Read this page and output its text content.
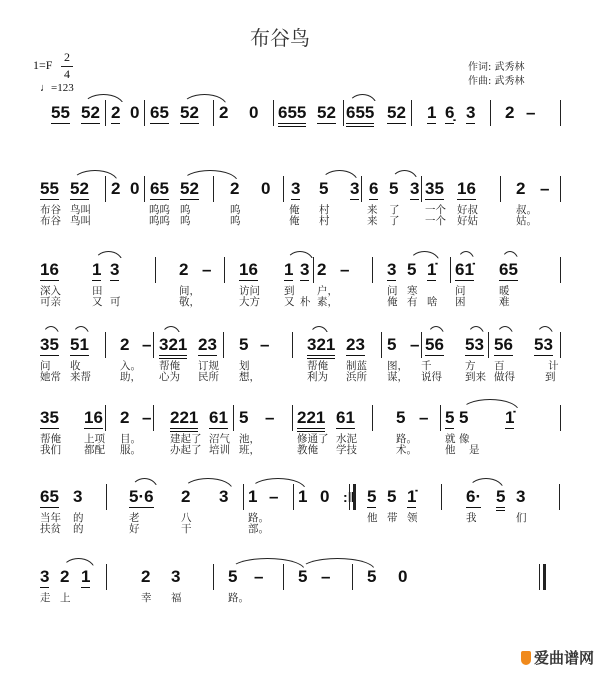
布谷鸟
1=F
2
4
♩=123
作词: 武秀林
作曲: 武秀林
55 52 2 0 65 52 2 0 655 52 655 52 1 6̣ 3 2 –
55 52 2 0 65 52 2 0 3 5 3 6 5 3 35 16 2 –
布谷 鸟叫	呜呜 呜	呜	俺 村	来 了 一个 好叔	叔。
布谷 鸟叫	呜呜 呜	呜	俺 村	来 了 一个 好姑	姑。
16 1 3	2 – 16 1 3 2 – 3 5 1̇ 61̇ 65
深入	田	间，	访问 到 户，	问 寒	问	暖
可亲	又 可	敬，	大方 又 朴 素，	俺 有 啥 困	难
35 51 2 – 321 23 5 – 321 23 5 – 56 53 56 53
问 收	入。 帮俺 订规 划	帮俺 制蓝 图， 千	方 百	计
她常 来帮	助， 心为 民所 想，	利为 浜所 谋， 说得 到来 做得	到
35 16 2 – 221 61 5 – 221 61 5 – 5 5 1̇
帮俺 上项 目。	建起了 沼气 池，	修通了 水泥	路。	就 像
我们 都配 服。	办起了 培训 班，	教俺 学技	术。	他 是
65 3	5·6 2 3 1 – 1 0 :‖ 5 5 1̇	6· 5 3
当年 的	老	八	路。	他 带 领	我	们
扶贫 的	好	干	部。
3 2 1	2 3	5 – 5 – 5 0
走 上	幸 福	路。
爱曲谱网
